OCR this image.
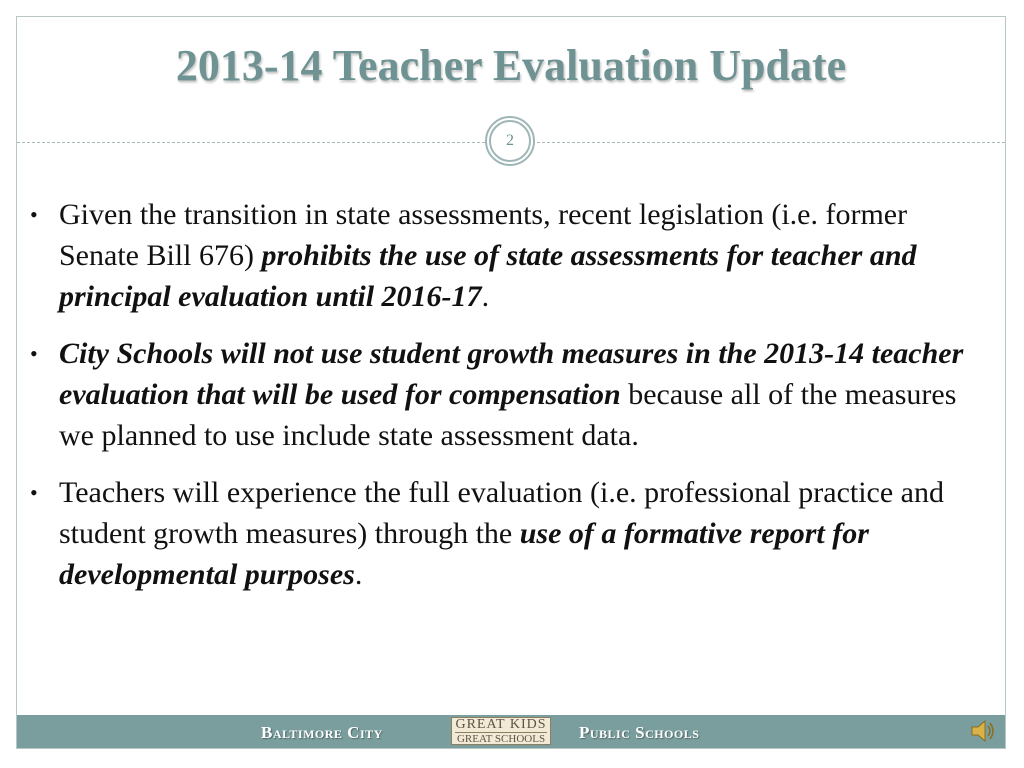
2013-14 Teacher Evaluation Update
2
• Given the transition in state assessments, recent legislation (i.e. former Senate Bill 676) prohibits the use of state assessments for teacher and principal evaluation until 2016-17.
• City Schools will not use student growth measures in the 2013-14 teacher evaluation that will be used for compensation because all of the measures we planned to use include state assessment data.
• Teachers will experience the full evaluation (i.e. professional practice and student growth measures) through the use of a formative report for developmental purposes.
Baltimore City	GREAT KIDS
GREAT SCHOOLS Public Schools
